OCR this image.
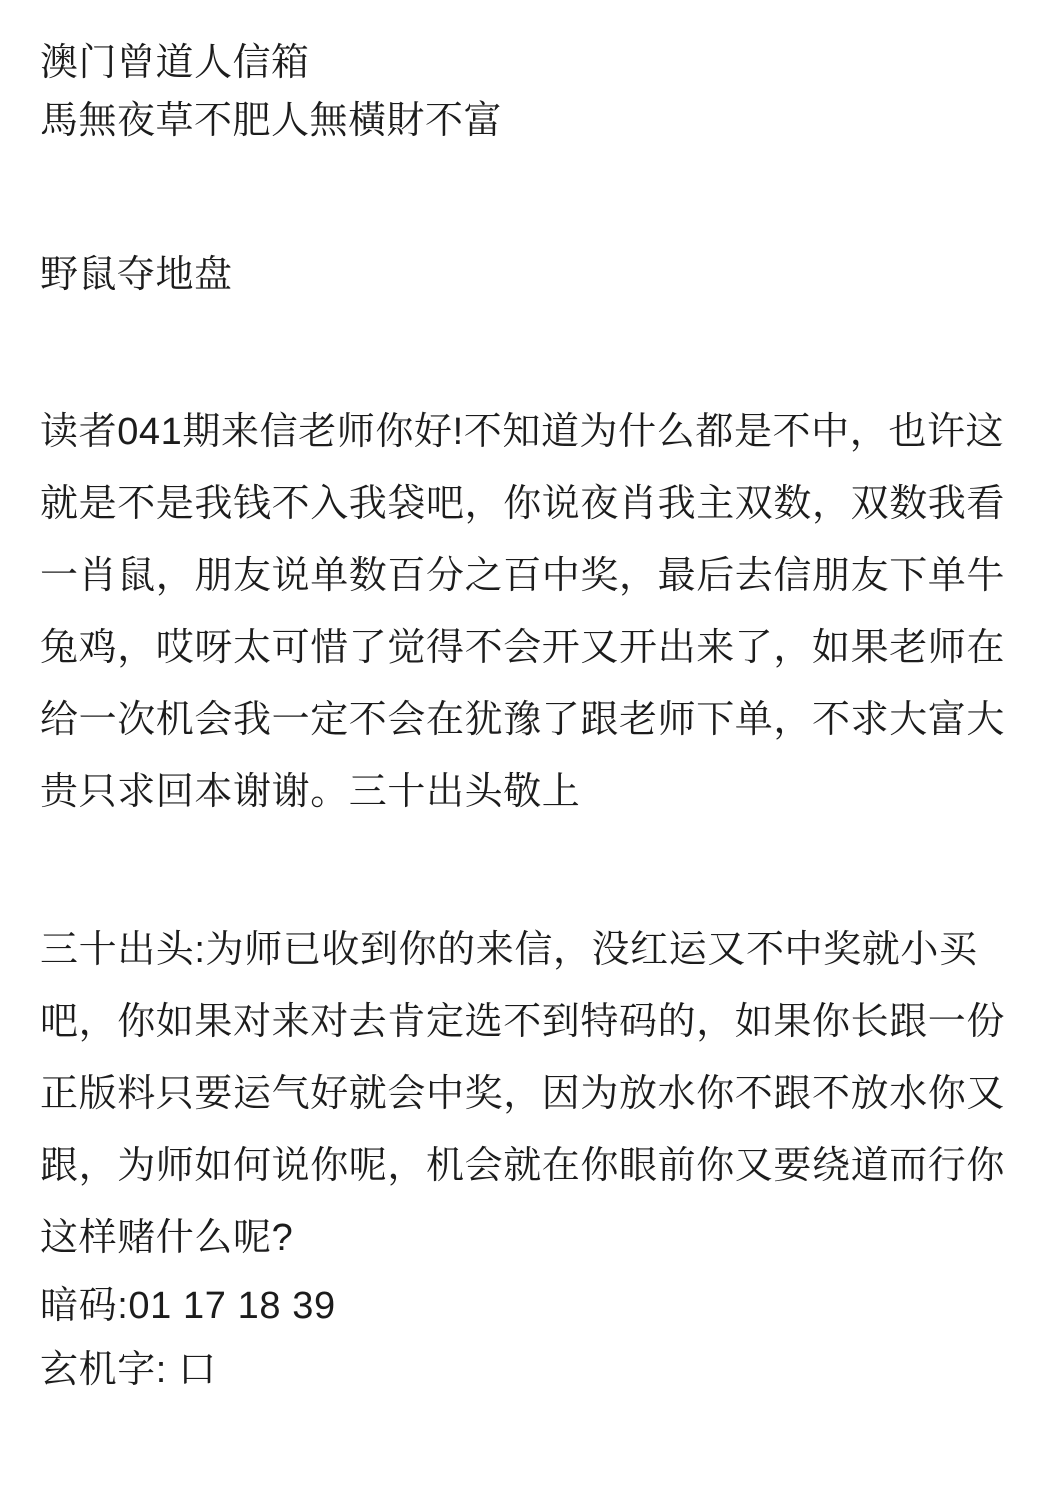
澳门曾道人信箱
馬無夜草不肥人無橫財不富
野鼠夺地盘

读者041期来信老师你好!不知道为什么都是不中，也许这就是不是我钱不入我袋吧，你说夜肖我主双数，双数我看一肖鼠，朋友说单数百分之百中奖，最后去信朋友下单牛兔鸡，哎呀太可惜了觉得不会开又开出来了，如果老师在给一次机会我一定不会在犹豫了跟老师下单，不求大富大贵只求回本谢谢。三十出头敬上

三十出头:为师已收到你的来信，没红运又不中奖就小买吧，你如果对来对去肯定选不到特码的，如果你长跟一份正版料只要运气好就会中奖，因为放水你不跟不放水你又跟，为师如何说你呢，机会就在你眼前你又要绕道而行你这样赌什么呢?

暗码:01 17 18 39

玄机字: 口
